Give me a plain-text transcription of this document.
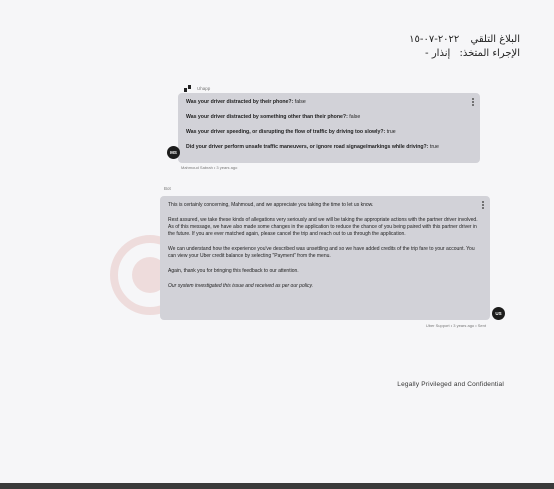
البلاغ التلقي ٢٠٢٢-٠٧-١٥
الإجراء المتخذ: إنذار -
Uhapp
Was your driver distracted by their phone?: false
Was your driver distracted by something other than their phone?: false
Was your driver speeding, or disrupting the flow of traffic by driving too slowly?: true
Did your driver perform unsafe traffic maneuvers, or ignore road signage/markings while driving?: true
MS
Mahmoud Sabrah • 3 years ago
Bot
This is certainly concerning, Mahmoud, and we appreciate you taking the time to let us know.
Rest assured, we take these kinds of allegations very seriously and we will be taking the appropriate actions with the partner driver involved. As of this message, we have also made some changes in the application to reduce the chance of you being paired with this partner driver in the future. If you are ever matched again, please cancel the trip and reach out to us through the application.
We can understand how the experience you've described was unsettling and so we have added credits of the trip fare to your account. You can view your Uber credit balance by selecting "Payment" from the menu.
Again, thank you for bringing this feedback to our attention.
Our system investigated this issue and received as per our policy.
US
Uber Support • 3 years ago • Sent
Legally Privileged and Confidential
